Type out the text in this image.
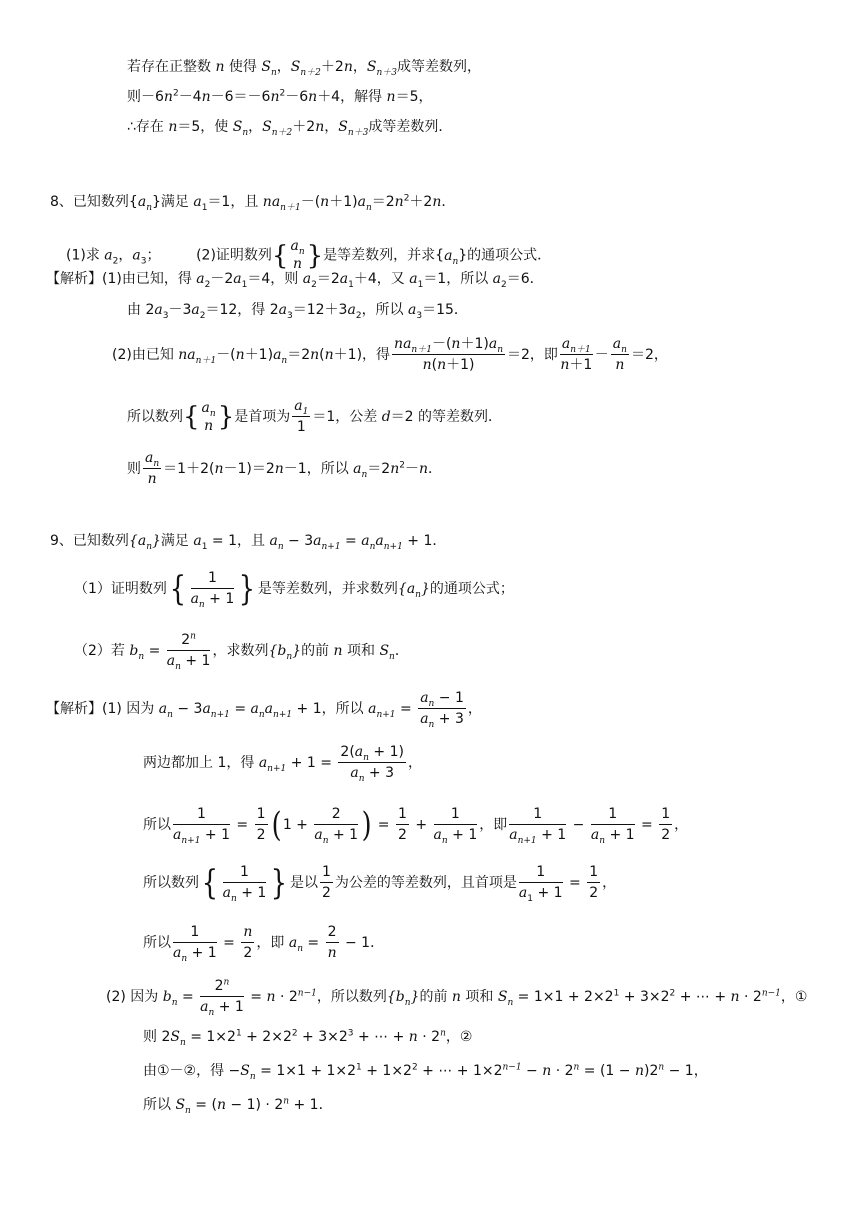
若存在正整数 n 使得 $S_n$，$S_{n+2}+2n$，$S_{n+3}$成等差数列，
则$-6n^2-4n-6=-6n^2-6n+4$，解得 n＝5，
∴存在 n＝5，使 $S_n$，$S_{n+2}+2n$，$S_{n+3}$成等差数列．
8、已知数列$\{a_n\}$满足 $a_1=1$，且 $na_{n+1}-(n+1)a_n=2n^2+2n$．
(1)求 $a_2$，$a_3$；        (2)证明数列{ $a_n$
n }是等差数列，并求$\{a_n\}$的通项公式．
【解析】(1)由已知，得 $a_2-2a_1=4$，则 $a_2=2a_1+4$，又 $a_1=1$，所以 $a_2=6$．
由 $2a_3-3a_2=12$，得 $2a_3=12+3a_2$，所以 $a_3=15$．
(2)由已知 $na_{n+1}-(n+1)a_n=2n(n+1)$，得
$na_{n+1}-(n+1)a_n$
n(n＋1)
＝2，即 $\frac{a_{n+1}}{n+1} - \frac{a_n}{n} =2$，
所以数列{ $a_n$
n }是首项为 $\frac{a_1}{1} =1$，公差 d＝2 的等差数列．
则 $\frac{a_n}{n} =1+2(n-1)=2n-1$，所以 $a_n=2n^2-n$．
9、已知数列$\{a_n\}$满足 $a_1 = 1$，且 $a_n - 3a_{n+1} = a_na_{n+1} + 1$．
（1）证明数列{ $\frac{1}{a_n + 1}$ } 是等差数列，并求数列$\{a_n\}$的通项公式；
（2）若 $b_n = \frac{2^n}{a_n + 1}$ ，求数列$\{b_n\}$的前 n 项和 $S_n$．
【解析】(1) 因为 $a_n - 3a_{n+1} = a_na_{n+1} + 1$，所以 $a_{n+1} = \frac{a_n - 1}{a_n + 3}$ ，
两边都加上 1，得 $a_{n+1} + 1 = \frac{2(a_n + 1)}{a_n + 3}$ ，
所以 $\frac{1}{a_{n+1} + 1} = \frac{1}{2}$ ( $1 + \frac{2}{a_n + 1}$ ) = $\frac{1}{2} + \frac{1}{a_n + 1}$ ，即 $\frac{1}{a_{n+1} + 1} - \frac{1}{a_n + 1} = \frac{1}{2}$ ，
所以数列{ $\frac{1}{a_n + 1}$ } 是以 $\frac{1}{2}$ 为公差的等差数列，且首项是 $\frac{1}{a_1 + 1} = \frac{1}{2}$ ，
所以 $\frac{1}{a_n + 1} = \frac{n}{2}$ ，即 $a_n = \frac{2}{n} - 1$．
(2) 因为 $b_n = \frac{2^n}{a_n + 1} = n \cdot 2^{n-1}$，所以数列$\{b_n\}$的前 n 项和 $S_n = 1\times 1 + 2\times 2^1 + 3\times 2^2$ + ⋯ + $n \cdot 2^{n-1}$，①
则 $2S_n = 1\times 2^1 + 2\times 2^2 + 3\times 2^3$ + ⋯ + $n \cdot 2^n$，②
由①－②，得 $-S_n = 1\times 1 + 1\times 2^1 + 1\times 2^2$ + ⋯ + $1\times 2^{n-1} - n \cdot 2^n = (1 - n)2^n - 1$，
所以 $S_n = (n - 1) \cdot 2^n + 1$．
